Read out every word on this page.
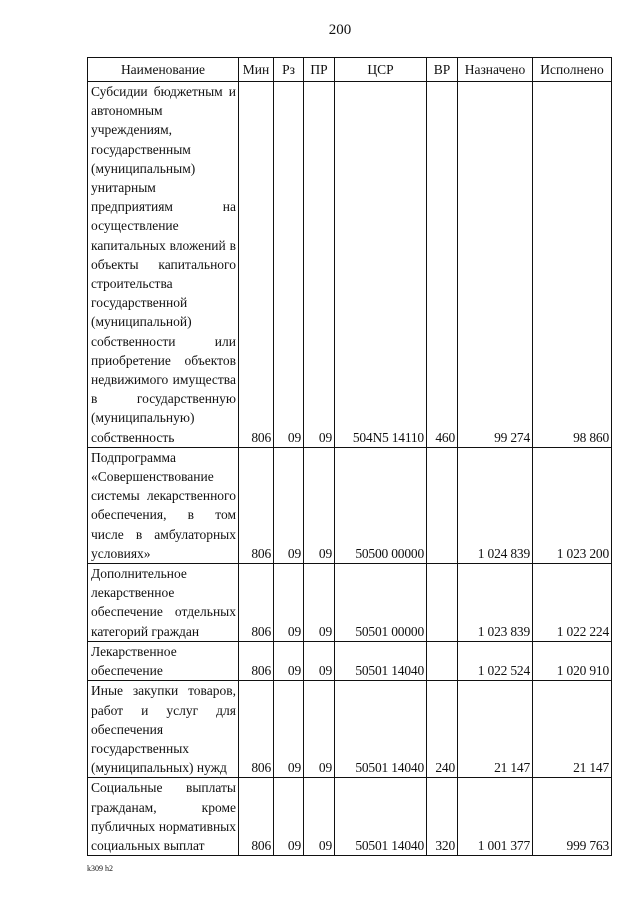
200
Наименование	Мин	Рз	ПР	ЦСР	ВР	Назначено	Исполнено
Субсидии бюджетным и автономным учреждениям, государственным (муниципальным) унитарным предприятиям на осуществление капитальных вложений в объекты капитального строительства государственной (муниципальной) собственности или приобретение объектов недвижимого имущества в государственную (муниципальную) собственность	806	09	09	504N5 14110	460	99 274	98 860
Подпрограмма «Совершенствование системы лекарственного обеспечения, в том числе в амбулаторных условиях»	806	09	09	50500 00000		1 024 839	1 023 200
Дополнительное лекарственное обеспечение отдельных категорий граждан	806	09	09	50501 00000		1 023 839	1 022 224
Лекарственное обеспечение	806	09	09	50501 14040		1 022 524	1 020 910
Иные закупки товаров, работ и услуг для обеспечения государственных (муниципальных) нужд	806	09	09	50501 14040	240	21 147	21 147
Социальные выплаты гражданам, кроме публичных нормативных социальных выплат	806	09	09	50501 14040	320	1 001 377	999 763
k309 h2
